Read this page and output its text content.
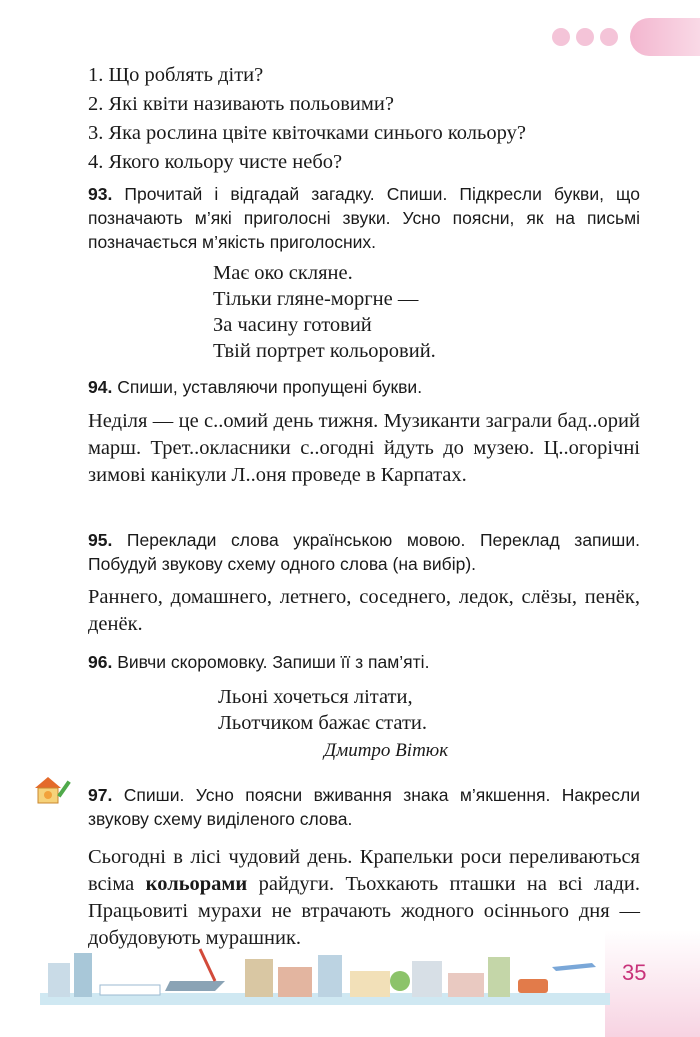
1. Що роблять діти?
2. Які квіти називають польовими?
3. Яка рослина цвіте квіточками синього кольору?
4. Якого кольору чисте небо?
93. Прочитай і відгадай загадку. Спиши. Підкресли букви, що позначають м’які приголосні звуки. Усно поясни, як на письмі позначається м’якість приголосних.
Має око скляне.
Тільки гляне-моргне —
За часину готовий
Твій портрет кольоровий.
94. Спиши, уставляючи пропущені букви.
Неділя — це с..омий день тижня. Музиканти заграли бад..орий марш. Трет..окласники с..огодні йдуть до музею. Ц..огорічні зимові канікули Л..оня проведе в Карпатах.
95. Переклади слова українською мовою. Переклад запиши. Побудуй звукову схему одного слова (на вибір).
Раннего, домашнего, летнего, соседнего, ледок, слёзы, пенёк, денёк.
96. Вивчи скоромовку. Запиши її з пам’яті.
Льоні хочеться літати,
Льотчиком бажає стати.
Дмитро Вітюк
97. Спиши. Усно поясни вживання знака м’якшення. Накресли звукову схему виділеного слова.
Сьогодні в лісі чудовий день. Крапельки роси переливаються всіма кольорами райдуги. Тьохкають пташки на всі лади. Працьовиті мурахи не втрачають жодного осіннього дня — добудовують мурашник.
35
